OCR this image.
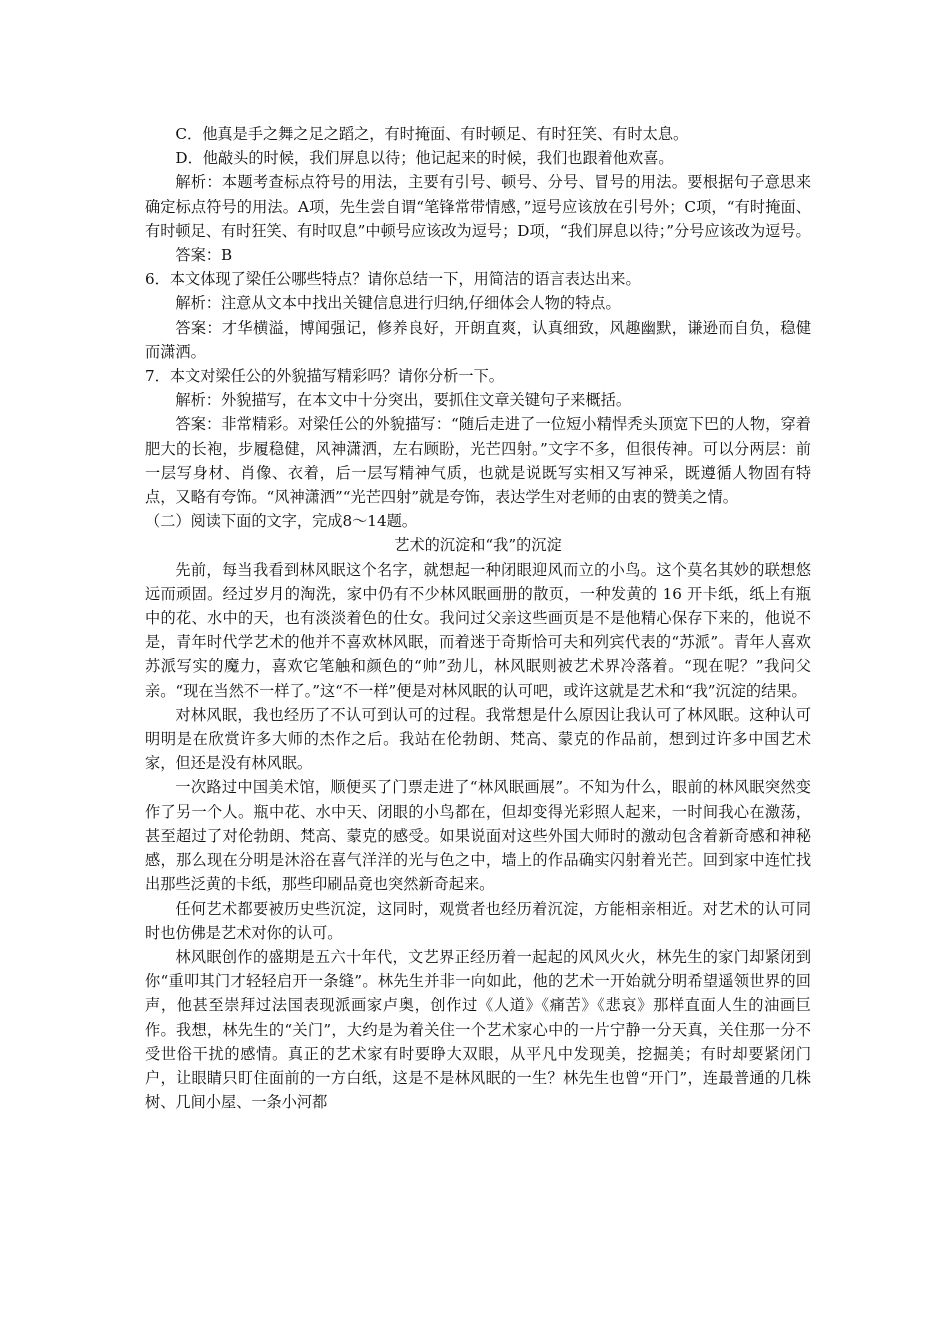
C．他真是手之舞之足之蹈之，有时掩面、有时顿足、有时狂笑、有时太息。

D．他敲头的时候，我们屏息以待；他记起来的时候，我们也跟着他欢喜。

解析：本题考查标点符号的用法，主要有引号、顿号、分号、冒号的用法。要根据句子意思来确定标点符号的用法。A项，先生尝自谓“笔锋常带情感，”逗号应该放在引号外；C项，“有时掩面、有时顿足、有时狂笑、有时叹息”中顿号应该改为逗号；D项，“我们屏息以待；”分号应该改为逗号。

答案：B

6．本文体现了梁任公哪些特点？请你总结一下，用简洁的语言表达出来。

解析：注意从文本中找出关键信息进行归纳,仔细体会人物的特点。

答案：才华横溢，博闻强记，修养良好，开朗直爽，认真细致，风趣幽默，谦逊而自负，稳健而潇洒。

7．本文对梁任公的外貌描写精彩吗？请你分析一下。

解析：外貌描写，在本文中十分突出，要抓住文章关键句子来概括。

答案：非常精彩。对梁任公的外貌描写：“随后走进了一位短小精悍秃头顶宽下巴的人物，穿着肥大的长袍，步履稳健，风神潇洒，左右顾盼，光芒四射。”文字不多，但很传神。可以分两层：前一层写身材、肖像、衣着，后一层写精神气质，也就是说既写实相又写神采，既遵循人物固有特点，又略有夸饰。“风神潇洒”“光芒四射”就是夸饰，表达学生对老师的由衷的赞美之情。

（二）阅读下面的文字，完成8～14题。

艺术的沉淀和“我”的沉淀

先前，每当我看到林风眠这个名字，就想起一种闭眼迎风而立的小鸟。这个莫名其妙的联想悠远而顽固。经过岁月的淘洗，家中仍有不少林风眠画册的散页，一种发黄的 16 开卡纸，纸上有瓶中的花、水中的天，也有淡淡着色的仕女。我问过父亲这些画页是不是他精心保存下来的，他说不是，青年时代学艺术的他并不喜欢林风眠，而着迷于奇斯恰可夫和列宾代表的“苏派”。青年人喜欢苏派写实的魔力，喜欢它笔触和颜色的“帅”劲儿，林风眠则被艺术界冷落着。“现在呢？”我问父亲。“现在当然不一样了。”这“不一样”便是对林风眠的认可吧，或许这就是艺术和“我”沉淀的结果。

对林风眠，我也经历了不认可到认可的过程。我常想是什么原因让我认可了林风眠。这种认可明明是在欣赏许多大师的杰作之后。我站在伦勃朗、梵高、蒙克的作品前，想到过许多中国艺术家，但还是没有林风眠。

一次路过中国美术馆，顺便买了门票走进了“林风眠画展”。不知为什么，眼前的林风眠突然变作了另一个人。瓶中花、水中天、闭眼的小鸟都在，但却变得光彩照人起来，一时间我心在激荡，甚至超过了对伦勃朗、梵高、蒙克的感受。如果说面对这些外国大师时的激动包含着新奇感和神秘感，那么现在分明是沐浴在喜气洋洋的光与色之中，墙上的作品确实闪射着光芒。回到家中连忙找出那些泛黄的卡纸，那些印刷品竟也突然新奇起来。

任何艺术都要被历史些沉淀，这同时，观赏者也经历着沉淀，方能相亲相近。对艺术的认可同时也仿佛是艺术对你的认可。

林风眠创作的盛期是五六十年代，文艺界正经历着一起起的风风火火，林先生的家门却紧闭到你“重叩其门才轻轻启开一条缝”。林先生并非一向如此，他的艺术一开始就分明希望遥领世界的回声，他甚至崇拜过法国表现派画家卢奥，创作过《人道》《痛苦》《悲哀》那样直面人生的油画巨作。我想，林先生的“关门”，大约是为着关住一个艺术家心中的一片宁静一分天真，关住那一分不受世俗干扰的感情。真正的艺术家有时要睁大双眼，从平凡中发现美，挖掘美；有时却要紧闭门户，让眼睛只盯住面前的一方白纸，这是不是林风眠的一生？林先生也曾“开门”，连最普通的几株树、几间小屋、一条小河都
